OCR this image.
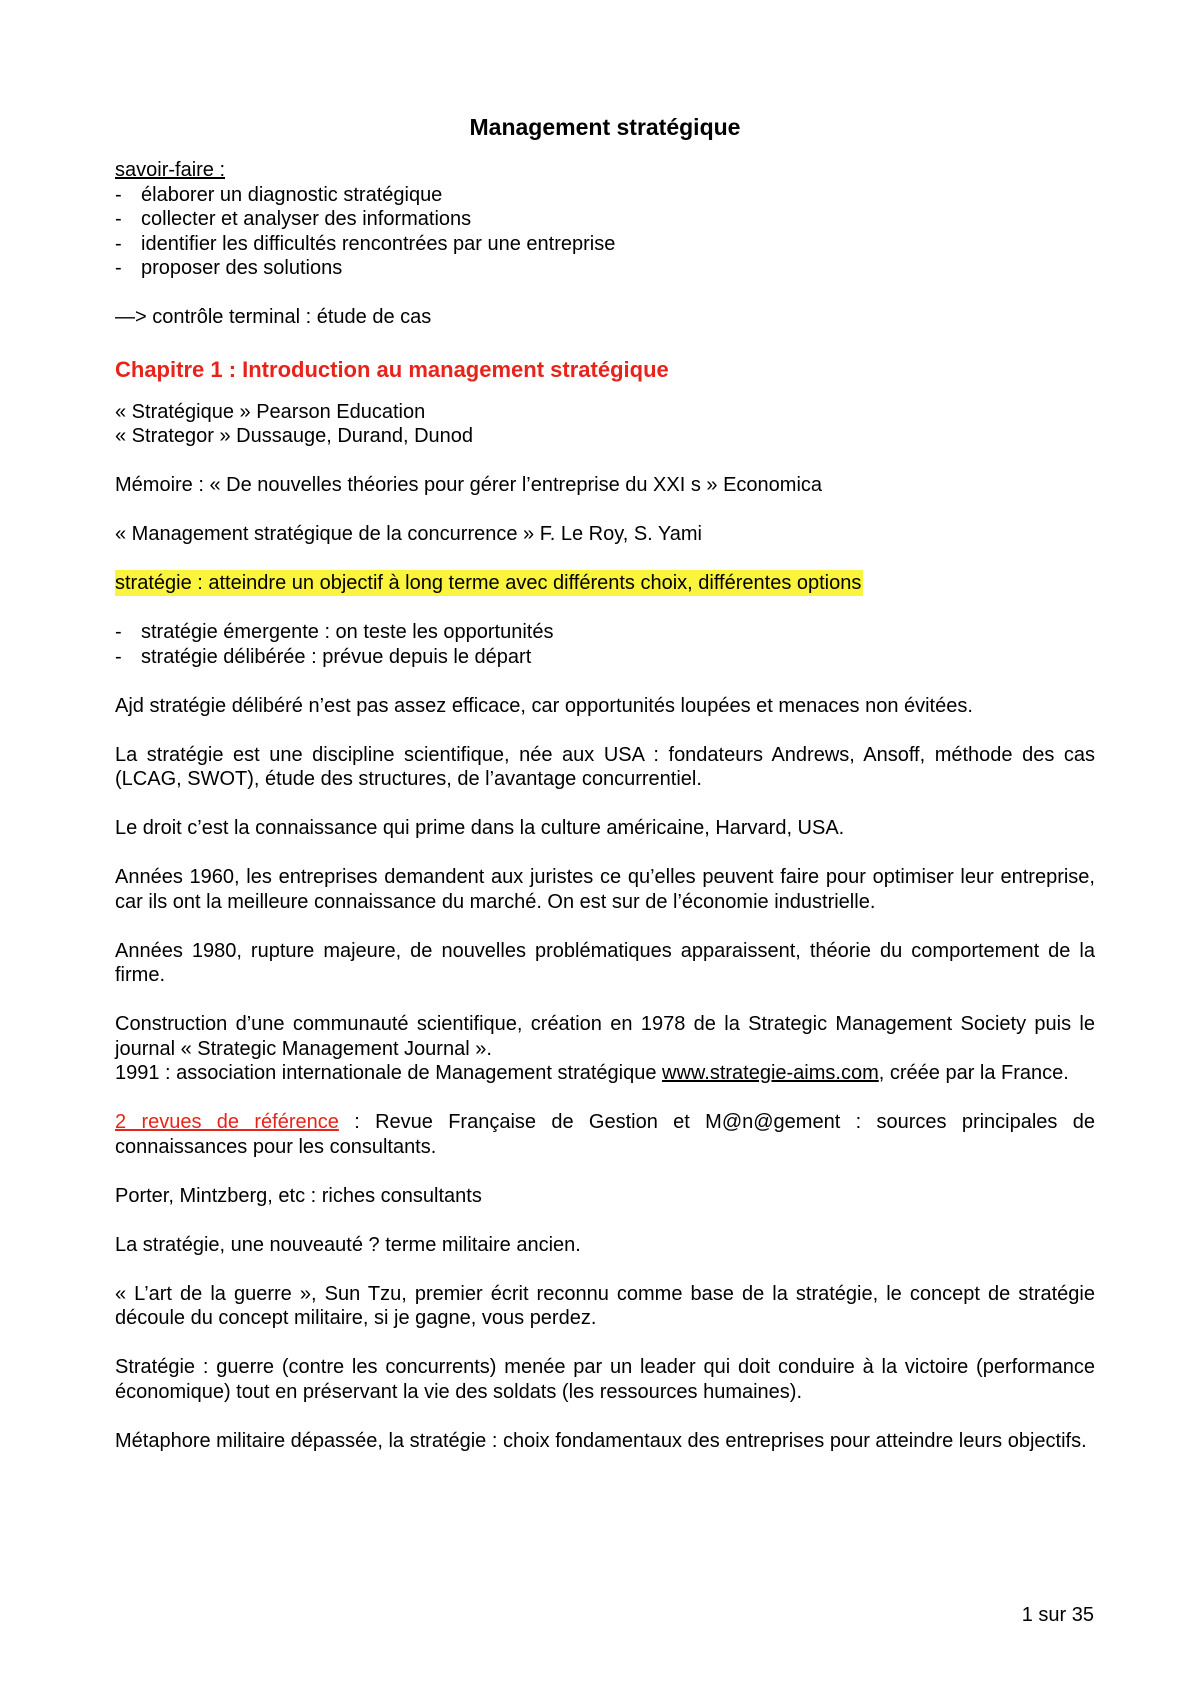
Management stratégique
savoir-faire :
- élaborer un diagnostic stratégique
- collecter et analyser des informations
- identifier les difficultés rencontrées par une entreprise
- proposer des solutions
—> contrôle terminal : étude de cas
Chapitre 1 : Introduction au management stratégique
« Stratégique » Pearson Education
« Strategor » Dussauge, Durand, Dunod
Mémoire : « De nouvelles théories pour gérer l’entreprise du XXI s » Economica
« Management stratégique de la concurrence » F. Le Roy, S. Yami
stratégie : atteindre un objectif à long terme avec différents choix, différentes options
- stratégie émergente : on teste les opportunités
- stratégie délibérée : prévue depuis le départ
Ajd stratégie délibéré n’est pas assez efficace, car opportunités loupées et menaces non évitées.
La stratégie est une discipline scientifique, née aux USA : fondateurs Andrews, Ansoff, méthode des cas (LCAG, SWOT), étude des structures, de l’avantage concurrentiel.
Le droit c’est la connaissance qui prime dans la culture américaine, Harvard, USA.
Années 1960, les entreprises demandent aux juristes ce qu’elles peuvent faire pour optimiser leur entreprise, car ils ont la meilleure connaissance du marché. On est sur de l’économie industrielle.
Années 1980, rupture majeure, de nouvelles problématiques apparaissent, théorie du comportement de la firme.
Construction d’une communauté scientifique, création en 1978 de la Strategic Management Society puis le journal « Strategic Management Journal ».
1991 : association internationale de Management stratégique www.strategie-aims.com, créée par la France.
2 revues de référence : Revue Française de Gestion et M@n@gement : sources principales de connaissances pour les consultants.
Porter, Mintzberg, etc : riches consultants
La stratégie, une nouveauté ? terme militaire ancien.
« L’art de la guerre », Sun Tzu, premier écrit reconnu comme base de la stratégie, le concept de stratégie découle du concept militaire, si je gagne, vous perdez.
Stratégie : guerre (contre les concurrents) menée par un leader qui doit conduire à la victoire (performance économique) tout en préservant la vie des soldats (les ressources humaines).
Métaphore militaire dépassée, la stratégie : choix fondamentaux des entreprises pour atteindre leurs objectifs.
1 sur 35
